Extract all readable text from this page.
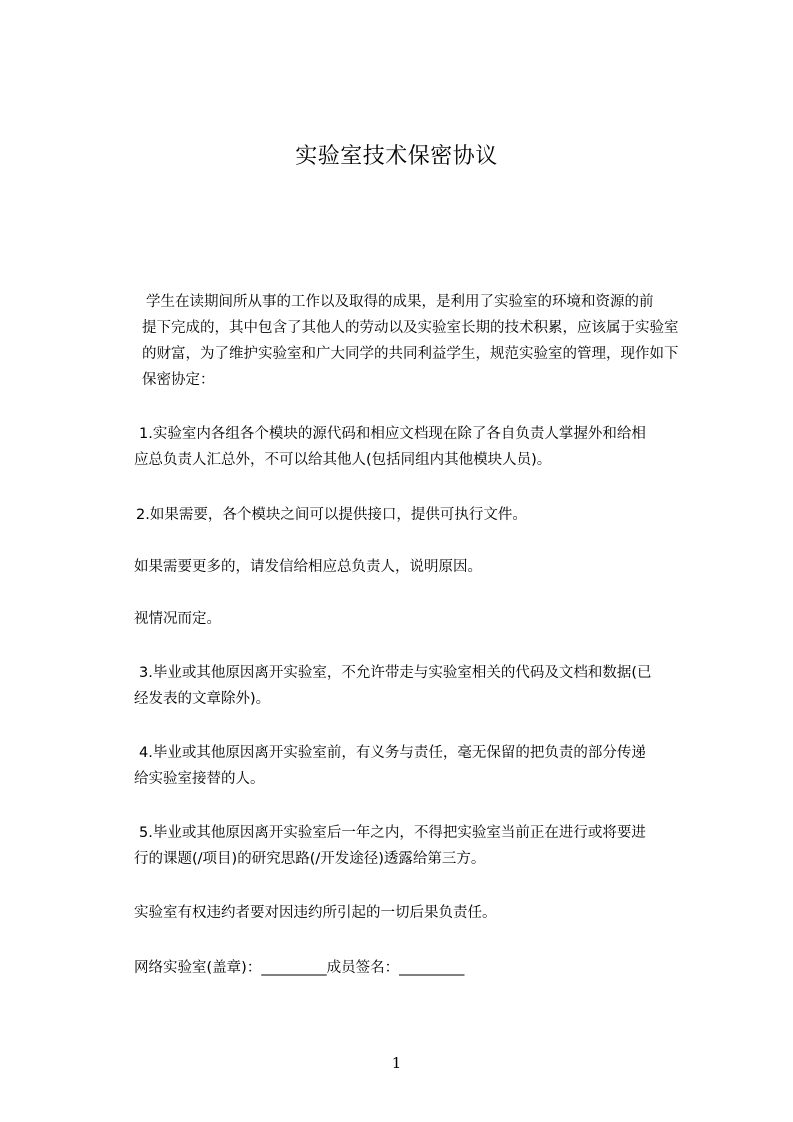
实验室技术保密协议
学生在读期间所从事的工作以及取得的成果，是利用了实验室的环境和资源的前
提下完成的，其中包含了其他人的劳动以及实验室长期的技术积累，应该属于实验室
的财富，为了维护实验室和广大同学的共同利益学生，规范实验室的管理，现作如下
保密协定：
1.实验室内各组各个模块的源代码和相应文档现在除了各自负责人掌握外和给相
应总负责人汇总外，不可以给其他人(包括同组内其他模块人员)。
2.如果需要，各个模块之间可以提供接口，提供可执行文件。
如果需要更多的，请发信给相应总负责人，说明原因。
视情况而定。
3.毕业或其他原因离开实验室，不允许带走与实验室相关的代码及文档和数据(已
经发表的文章除外)。
4.毕业或其他原因离开实验室前，有义务与责任，毫无保留的把负责的部分传递
给实验室接替的人。
5.毕业或其他原因离开实验室后一年之内，不得把实验室当前正在进行或将要进
行的课题(/项目)的研究思路(/开发途径)透露给第三方。
实验室有权违约者要对因违约所引起的一切后果负责任。
网络实验室(盖章)：_________成员签名：_________
1
